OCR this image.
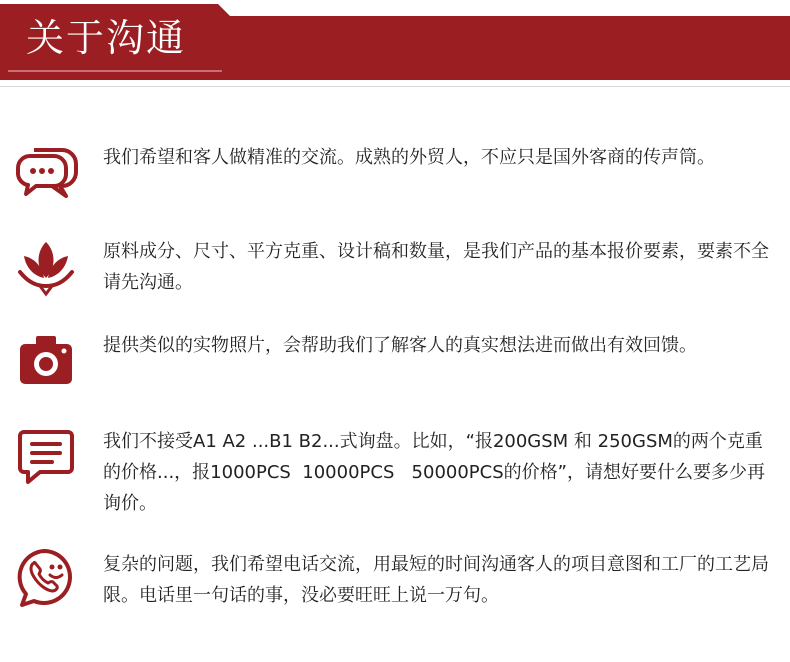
关于沟通
我们希望和客人做精准的交流。成熟的外贸人，不应只是国外客商的传声筒。
原料成分、尺寸、平方克重、设计稿和数量，是我们产品的基本报价要素，要素不全请先沟通。
提供类似的实物照片，会帮助我们了解客人的真实想法进而做出有效回馈。
我们不接受A1 A2 ...B1 B2...式询盘。比如，“报200GSM 和 250GSM的两个克重的价格...，报1000PCS  10000PCS   50000PCS的价格”，请想好要什么要多少再询价。
复杂的问题，我们希望电话交流，用最短的时间沟通客人的项目意图和工厂的工艺局限。电话里一句话的事，没必要旺旺上说一万句。
